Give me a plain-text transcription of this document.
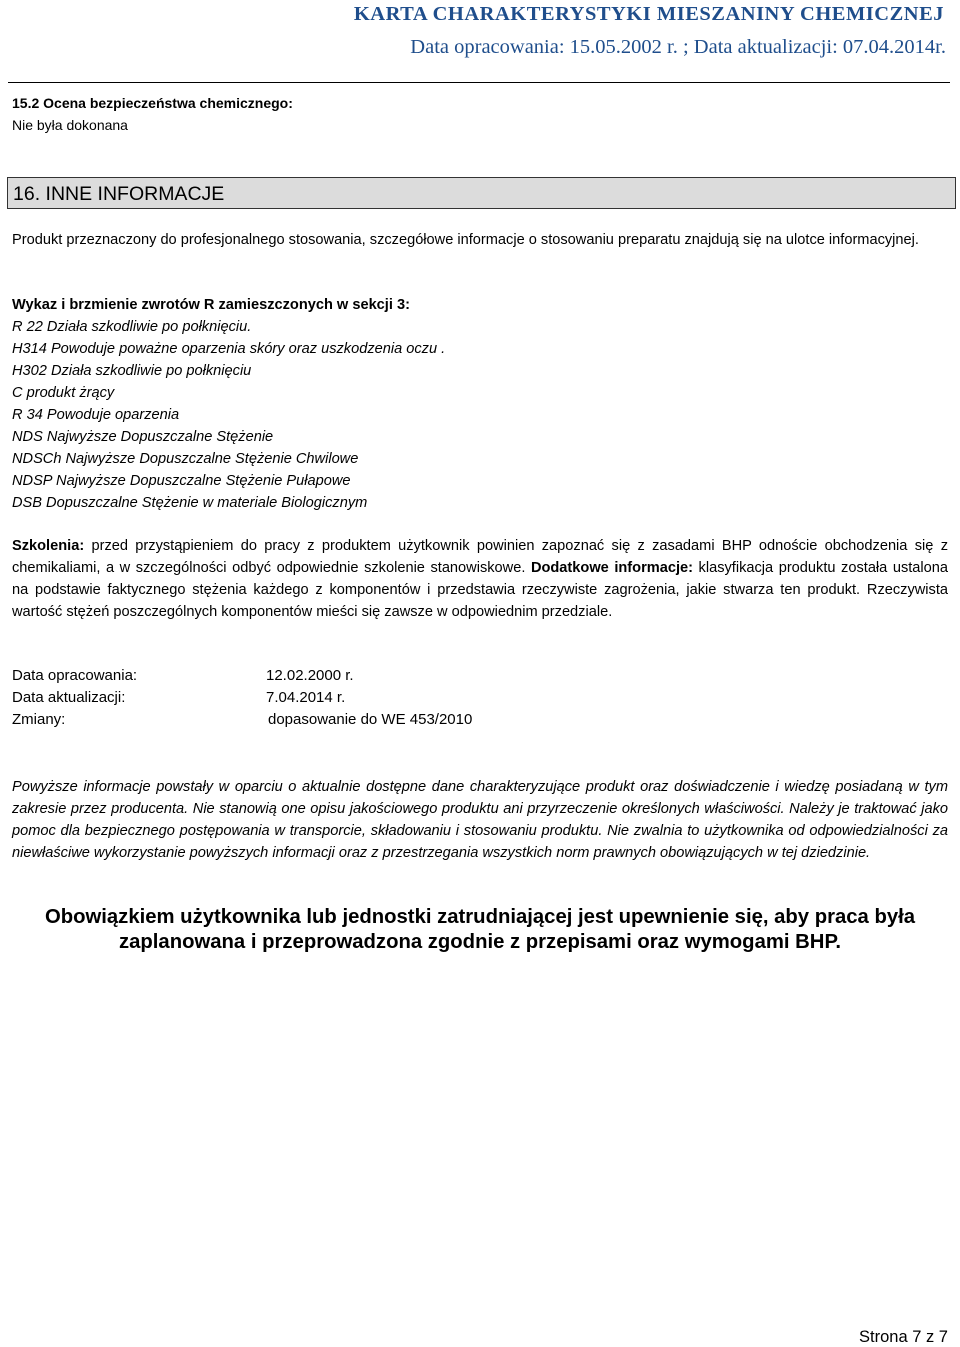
KARTA CHARAKTERYSTYKI MIESZANINY CHEMICZNEJ
Data opracowania: 15.05.2002 r. ; Data aktualizacji: 07.04.2014r.
15.2 Ocena bezpieczeństwa chemicznego:
Nie była dokonana
16. INNE INFORMACJE
Produkt przeznaczony do profesjonalnego stosowania, szczegółowe informacje o stosowaniu preparatu znajdują się na ulotce informacyjnej.
Wykaz i brzmienie zwrotów R zamieszczonych w sekcji 3:
R 22 Działa szkodliwie po połknięciu.
H314 Powoduje poważne oparzenia skóry oraz uszkodzenia oczu .
H302 Działa szkodliwie po połknięciu
C produkt żrący
R 34 Powoduje oparzenia
NDS Najwyższe Dopuszczalne Stężenie
NDSCh Najwyższe Dopuszczalne Stężenie Chwilowe
NDSP Najwyższe Dopuszczalne Stężenie Pułapowe
DSB Dopuszczalne Stężenie w materiale Biologicznym
Szkolenia: przed przystąpieniem do pracy z produktem użytkownik powinien zapoznać się z zasadami BHP odnoście obchodzenia się z chemikaliami, a w szczególności odbyć odpowiednie szkolenie stanowiskowe. Dodatkowe informacje: klasyfikacja produktu została ustalona na podstawie faktycznego stężenia każdego z komponentów i przedstawia rzeczywiste zagrożenia, jakie stwarza ten produkt. Rzeczywista wartość stężeń poszczególnych komponentów mieści się zawsze w odpowiednim przedziale.
Data opracowania:	12.02.2000 r.
Data aktualizacji:	7.04.2014 r.
Zmiany:	dopasowanie do WE 453/2010
Powyższe informacje powstały w oparciu o aktualnie dostępne dane charakteryzujące produkt oraz doświadczenie i wiedzę posiadaną w tym zakresie przez producenta. Nie stanowią one opisu jakościowego produktu ani przyrzeczenie określonych właściwości. Należy je traktować jako pomoc dla bezpiecznego postępowania w transporcie, składowaniu i stosowaniu produktu. Nie zwalnia to użytkownika od odpowiedzialności za niewłaściwe wykorzystanie powyższych informacji oraz z przestrzegania wszystkich norm prawnych obowiązujących w tej dziedzinie.
Obowiązkiem użytkownika lub jednostki zatrudniającej jest upewnienie się, aby praca była zaplanowana i przeprowadzona zgodnie z przepisami oraz wymogami BHP.
Strona 7 z 7
